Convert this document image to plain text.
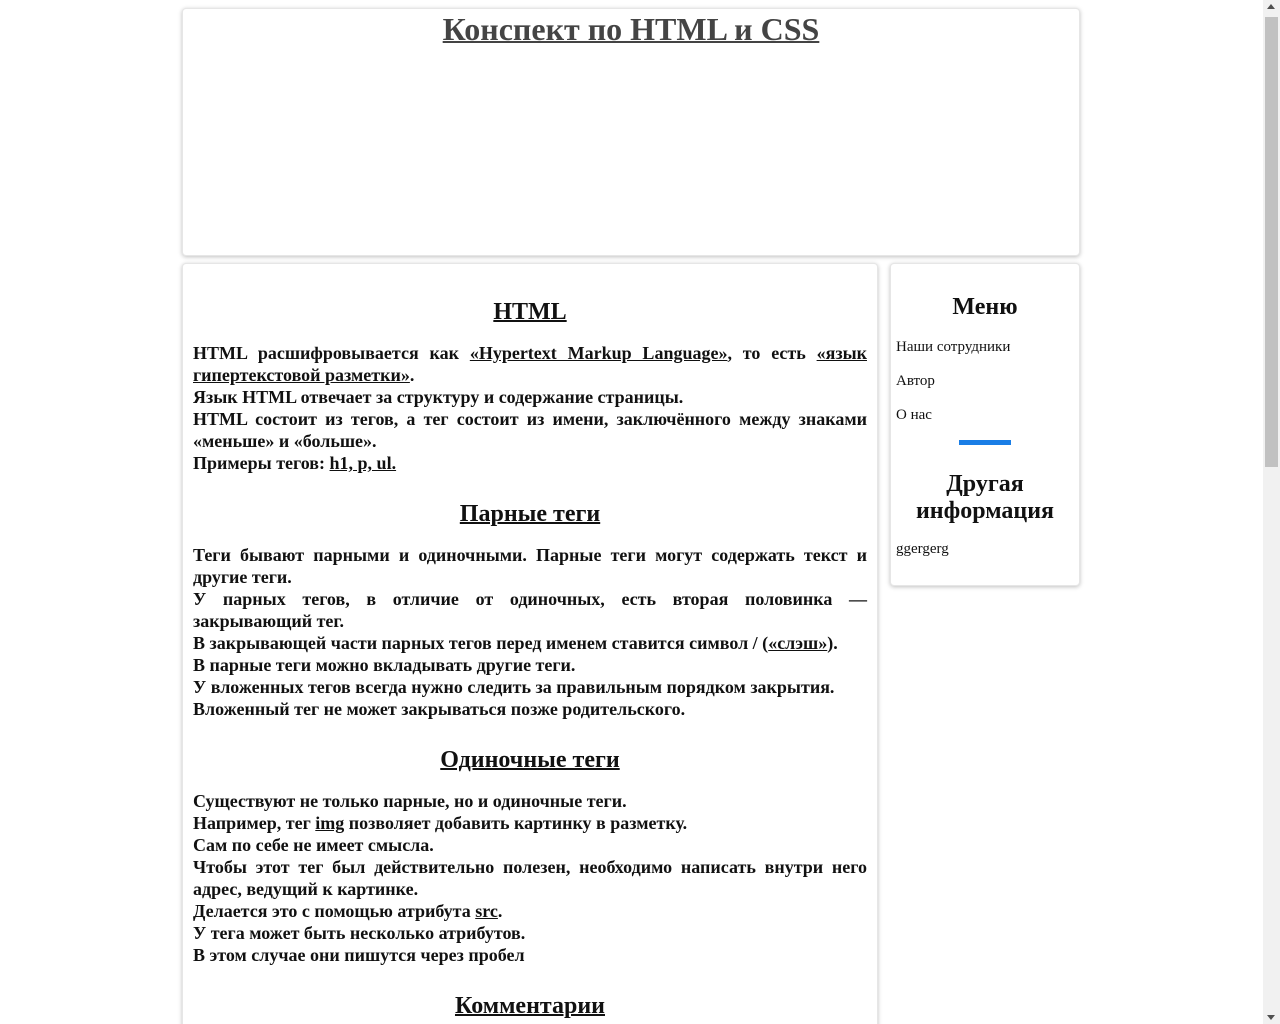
Конспект по HTML и CSS
HTML

HTML расшифровывается как «Hypertext Markup Language», то есть «язык гипертекстовой разметки».

Язык HTML отвечает за структуру и содержание страницы.

HTML состоит из тегов, а тег состоит из имени, заключённого между знаками «меньше» и «больше».

Примеры тегов: h1, p, ul.

Парные теги

Теги бывают парными и одиночными. Парные теги могут содержать текст и другие теги.

У парных тегов, в отличие от одиночных, есть вторая половинка — закрывающий тег.

В закрывающей части парных тегов перед именем ставится символ / («слэш»).

В парные теги можно вкладывать другие теги.

У вложенных тегов всегда нужно следить за правильным порядком закрытия.

Вложенный тег не может закрываться позже родительского.

Одиночные теги

Существуют не только парные, но и одиночные теги.

Например, тег img позволяет добавить картинку в разметку.

Сам по себе не имеет смысла.

Чтобы этот тег был действительно полезен, необходимо написать внутри него адрес, ведущий к картинке.

Делается это с помощью атрибута src.

У тега может быть несколько атрибутов.

В этом случае они пишутся через пробел

Комментарии
Меню
Наши сотрудники
Автор
О нас
Другая информация
ggergerg
